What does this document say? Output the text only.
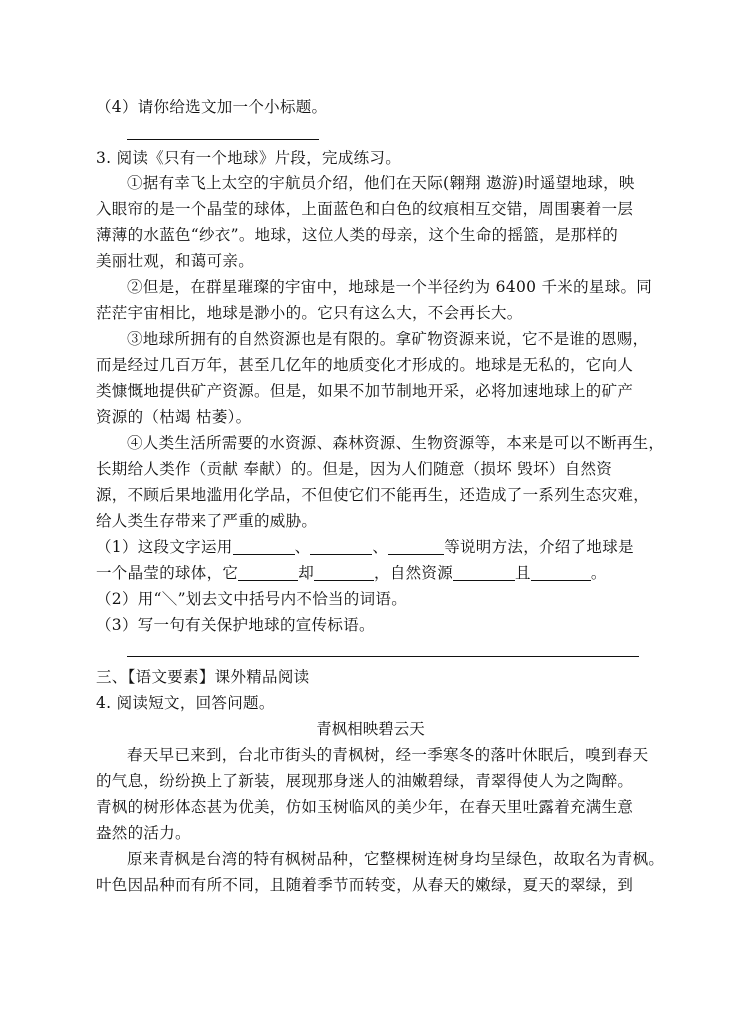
（4）请你给选文加一个小标题。
3. 阅读《只有一个地球》片段，完成练习。
①据有幸飞上太空的宇航员介绍，他们在天际(翱翔 遨游)时遥望地球，映
入眼帘的是一个晶莹的球体，上面蓝色和白色的纹痕相互交错，周围裹着一层
薄薄的水蓝色“纱衣”。地球，这位人类的母亲，这个生命的摇篮，是那样的
美丽壮观，和蔼可亲。
②但是，在群星璀璨的宇宙中，地球是一个半径约为 6400 千米的星球。同
茫茫宇宙相比，地球是渺小的。它只有这么大，不会再长大。
③地球所拥有的自然资源也是有限的。拿矿物资源来说，它不是谁的恩赐，
而是经过几百万年，甚至几亿年的地质变化才形成的。地球是无私的，它向人
类慷慨地提供矿产资源。但是，如果不加节制地开采，必将加速地球上的矿产
资源的（枯竭 枯萎）。
④人类生活所需要的水资源、森林资源、生物资源等，本来是可以不断再生，
长期给人类作（贡献 奉献）的。但是，因为人们随意（损坏 毁坏）自然资
源，不顾后果地滥用化学品，不但使它们不能再生，还造成了一系列生态灾难，
给人类生存带来了严重的威胁。
（1）这段文字运用	、	、	等说明方法，介绍了地球是
一个晶莹的球体，它	却	，自然资源	且	。
（2）用“＼”划去文中括号内不恰当的词语。
（3）写一句有关保护地球的宣传标语。
三、【语文要素】课外精品阅读
4. 阅读短文，回答问题。
青枫相映碧云天
春天早已来到，台北市街头的青枫树，经一季寒冬的落叶休眠后，嗅到春天
的气息，纷纷换上了新装，展现那身迷人的油嫩碧绿，青翠得使人为之陶醉。
青枫的树形体态甚为优美，仿如玉树临风的美少年，在春天里吐露着充满生意
盎然的活力。
原来青枫是台湾的特有枫树品种，它整棵树连树身均呈绿色，故取名为青枫。
叶色因品种而有所不同，且随着季节而转变，从春天的嫩绿，夏天的翠绿，到
